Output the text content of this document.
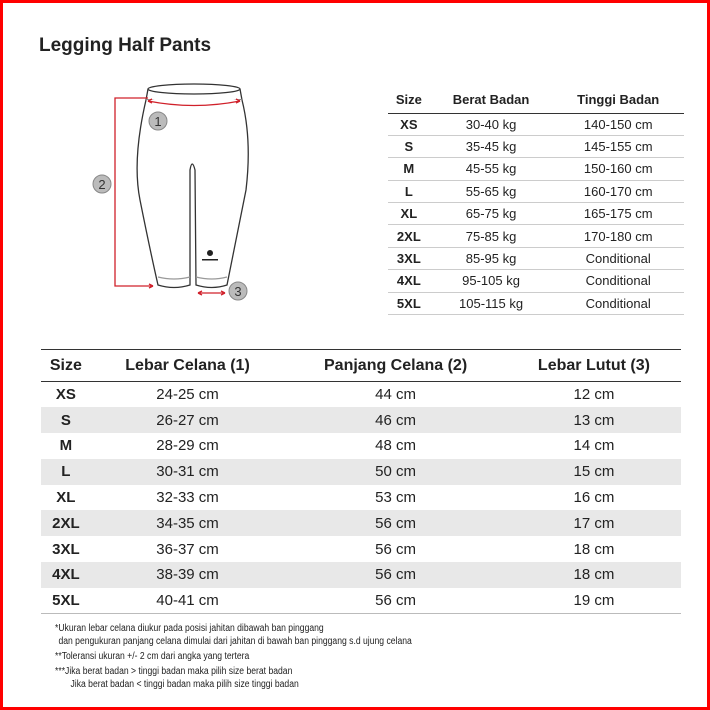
Legging Half Pants
1
2
3
Size	Berat Badan	Tinggi Badan
XS	30-40 kg	140-150 cm
S	35-45 kg	145-155 cm
M	45-55 kg	150-160 cm
L	55-65 kg	160-170 cm
XL	65-75 kg	165-175 cm
2XL	75-85 kg	170-180 cm
3XL	85-95 kg	Conditional
4XL	95-105 kg	Conditional
5XL	105-115 kg	Conditional
Size	Lebar Celana (1)	Panjang Celana (2)	Lebar Lutut (3)
XS	24-25 cm	44 cm	12 cm
S	26-27 cm	46 cm	13 cm
M	28-29 cm	48 cm	14 cm
L	30-31 cm	50 cm	15 cm
XL	32-33 cm	53 cm	16 cm
2XL	34-35 cm	56 cm	17 cm
3XL	36-37 cm	56 cm	18 cm
4XL	38-39 cm	56 cm	18 cm
5XL	40-41 cm	56 cm	19 cm
*Ukuran lebar celana diukur pada posisi jahitan dibawah ban pinggang
dan pengukuran panjang celana dimulai dari jahitan di bawah ban pinggang s.d ujung celana
**Toleransi ukuran +/- 2 cm dari angka yang tertera
***Jika berat badan > tinggi badan maka pilih size berat badan
Jika berat badan < tinggi badan maka pilih size tinggi badan
